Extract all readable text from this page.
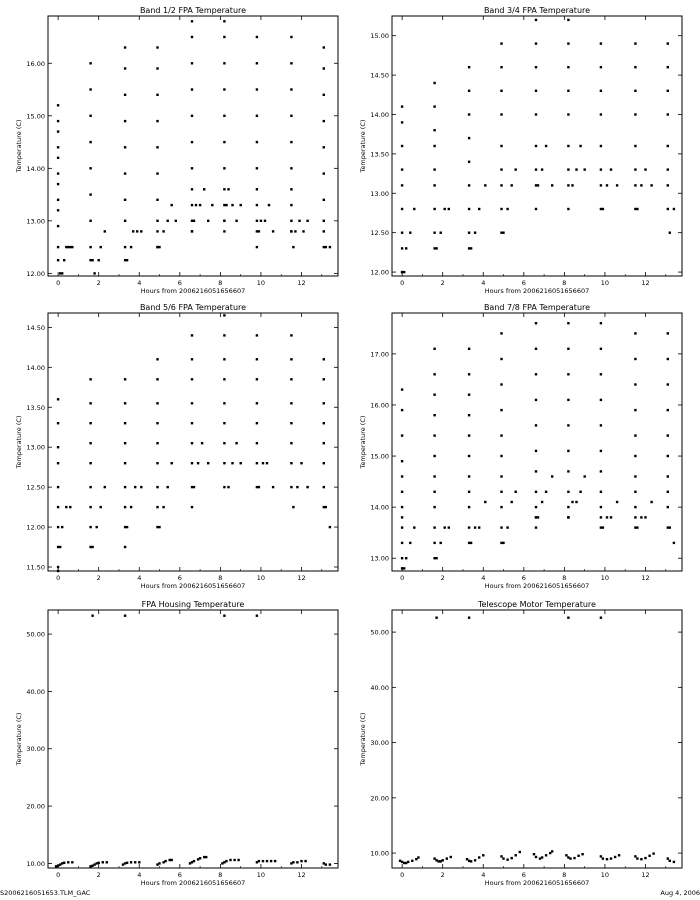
Band 1/2 FPA Temperature
0	2	4	6	8	10	12
12.00
13.00
14.00
15.00
16.00
Hours from 2006216051656607
Temperature (C)
Band 3/4 FPA Temperature
0	2	4	6	8	10	12
12.00
12.50
13.00
13.50
14.00
14.50
15.00
Hours from 2006216051656607
Temperature (C)
Band 5/6 FPA Temperature
0	2	4	6	8	10	12
11.50
12.00
12.50
13.00
13.50
14.00
14.50
Hours from 2006216051656607
Temperature (C)
Band 7/8 FPA Temperature
0	2	4	6	8	10	12
13.00
14.00
15.00
16.00
17.00
Hours from 2006216051656607
Temperature (C)
FPA Housing Temperature
0	2	4	6	8	10	12
10.00
20.00
30.00
40.00
50.00
Hours from 2006216051656607
Temperature (C)
Telescope Motor Temperature
0	2	4	6	8	10	12
10.00
20.00
30.00
40.00
50.00
Hours from 2006216051656607
Temperature (C)
S2006216051653.TLM_GAC	Aug 4, 2006
